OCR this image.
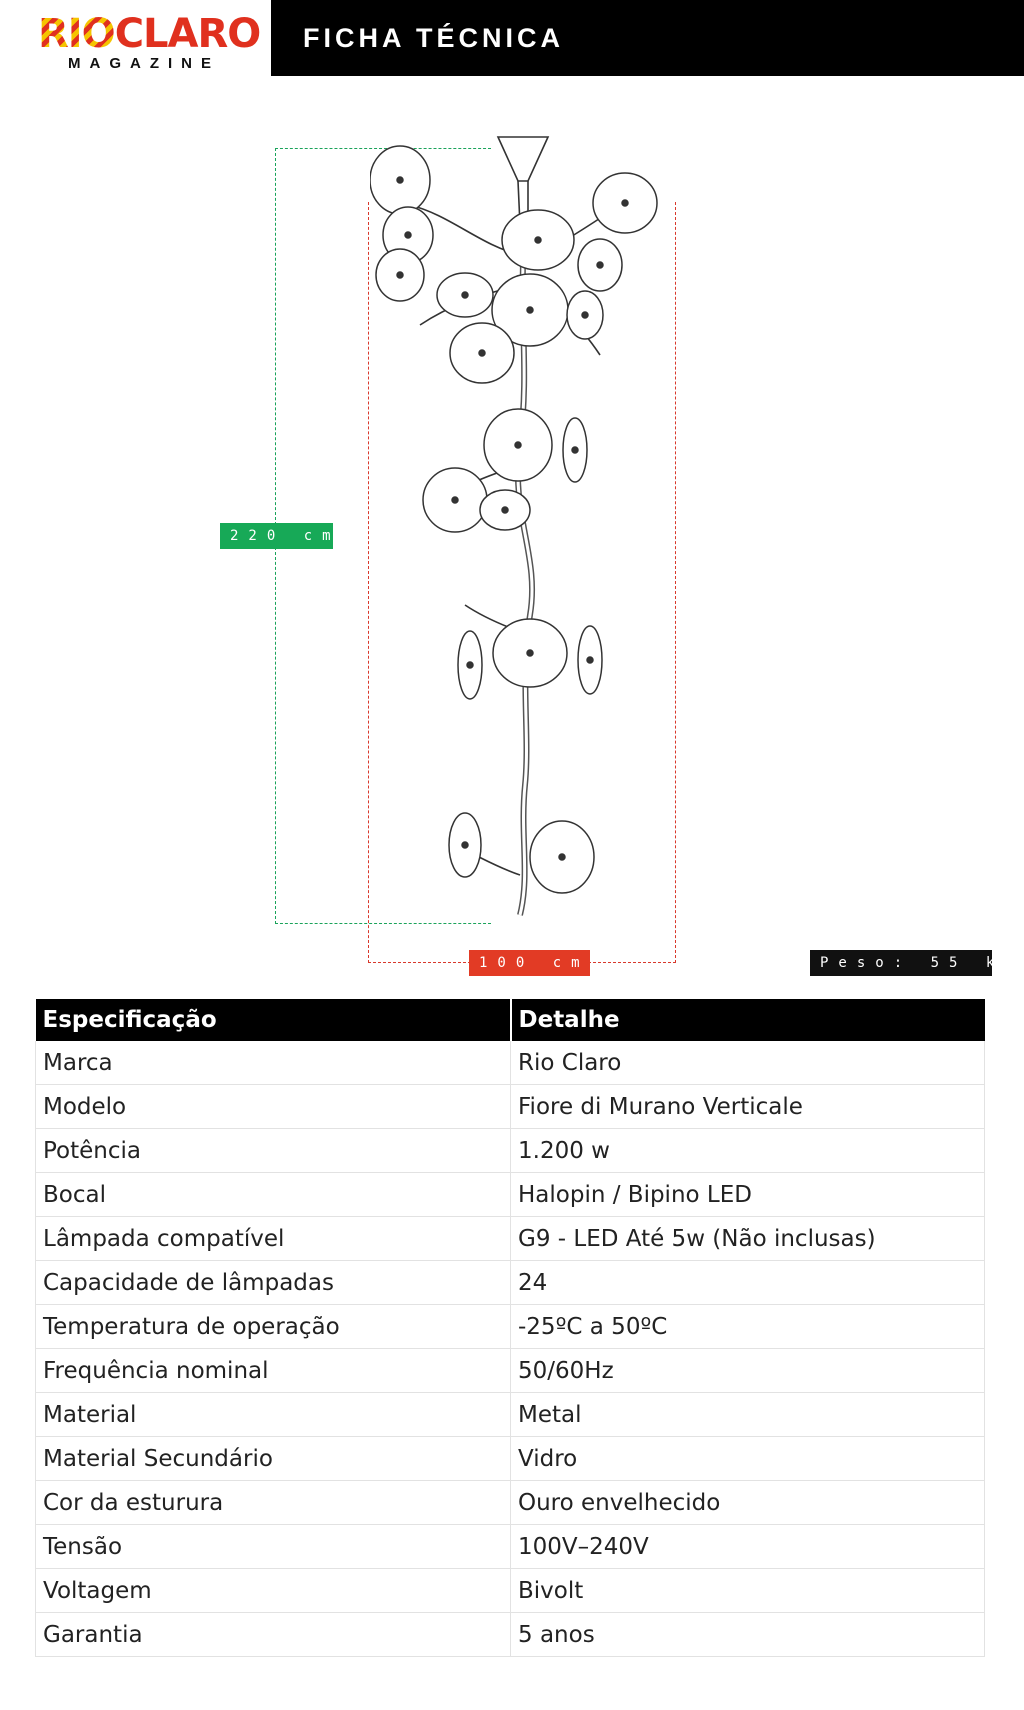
RIOCLARO
MAGAZINE
FICHA TÉCNICA
220 cm
100 cm	Peso: 55 kg
Especificação	Detalhe
Marca	Rio Claro
Modelo	Fiore di Murano Verticale
Potência	1.200 w
Bocal	Halopin / Bipino LED
Lâmpada compatível	G9 - LED Até 5w (Não inclusas)
Capacidade de lâmpadas	24
Temperatura de operação	-25ºC a 50ºC
Frequência nominal	50/60Hz
Material	Metal
Material Secundário	Vidro
Cor da esturura	Ouro envelhecido
Tensão	100V–240V
Voltagem	Bivolt
Garantia	5 anos
